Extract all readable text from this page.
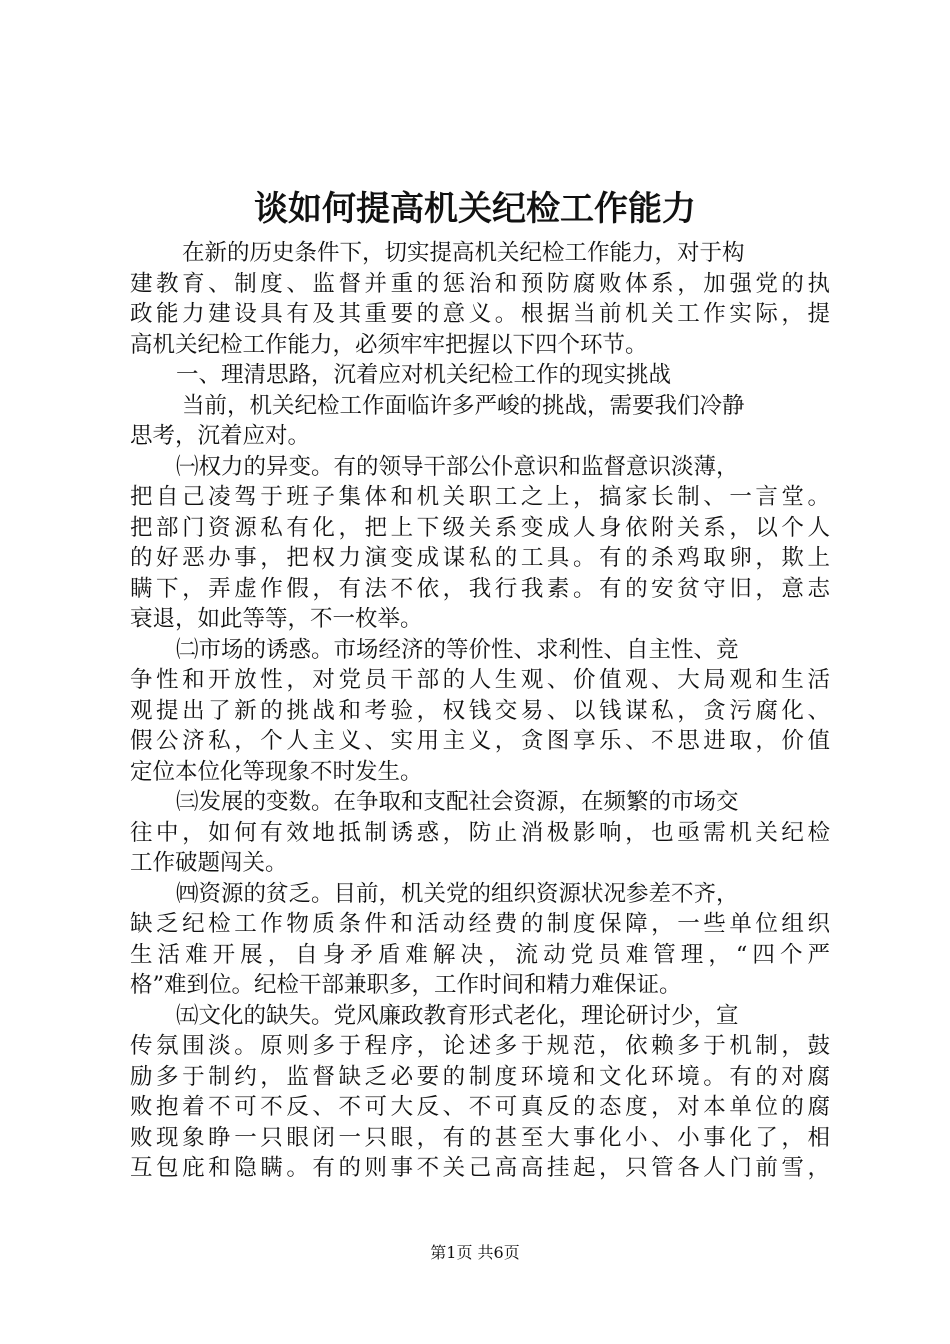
谈如何提高机关纪检工作能力
在新的历史条件下，切实提高机关纪检工作能力，对于构
建教育、制度、监督并重的惩治和预防腐败体系，加强党的执
政能力建设具有及其重要的意义。根据当前机关工作实际，提
高机关纪检工作能力，必须牢牢把握以下四个环节。
一、理清思路，沉着应对机关纪检工作的现实挑战
当前，机关纪检工作面临许多严峻的挑战，需要我们冷静
思考，沉着应对。
㈠权力的异变。有的领导干部公仆意识和监督意识淡薄，
把自己凌驾于班子集体和机关职工之上，搞家长制、一言堂。
把部门资源私有化，把上下级关系变成人身依附关系，以个人
的好恶办事，把权力演变成谋私的工具。有的杀鸡取卵，欺上
瞒下，弄虚作假，有法不依，我行我素。有的安贫守旧，意志
衰退，如此等等，不一枚举。
㈡市场的诱惑。市场经济的等价性、求利性、自主性、竞
争性和开放性，对党员干部的人生观、价值观、大局观和生活
观提出了新的挑战和考验，权钱交易、以钱谋私，贪污腐化、
假公济私，个人主义、实用主义，贪图享乐、不思进取，价值
定位本位化等现象不时发生。
㈢发展的变数。在争取和支配社会资源，在频繁的市场交
往中，如何有效地抵制诱惑，防止消极影响，也亟需机关纪检
工作破题闯关。
㈣资源的贫乏。目前，机关党的组织资源状况参差不齐，
缺乏纪检工作物质条件和活动经费的制度保障，一些单位组织
生活难开展，自身矛盾难解决，流动党员难管理，“四个严
格”难到位。纪检干部兼职多，工作时间和精力难保证。
㈤文化的缺失。党风廉政教育形式老化，理论研讨少，宣
传氛围淡。原则多于程序，论述多于规范，依赖多于机制，鼓
励多于制约，监督缺乏必要的制度环境和文化环境。有的对腐
败抱着不可不反、不可大反、不可真反的态度，对本单位的腐
败现象睁一只眼闭一只眼，有的甚至大事化小、小事化了，相
互包庇和隐瞒。有的则事不关己高高挂起，只管各人门前雪，
第1页 共6页
